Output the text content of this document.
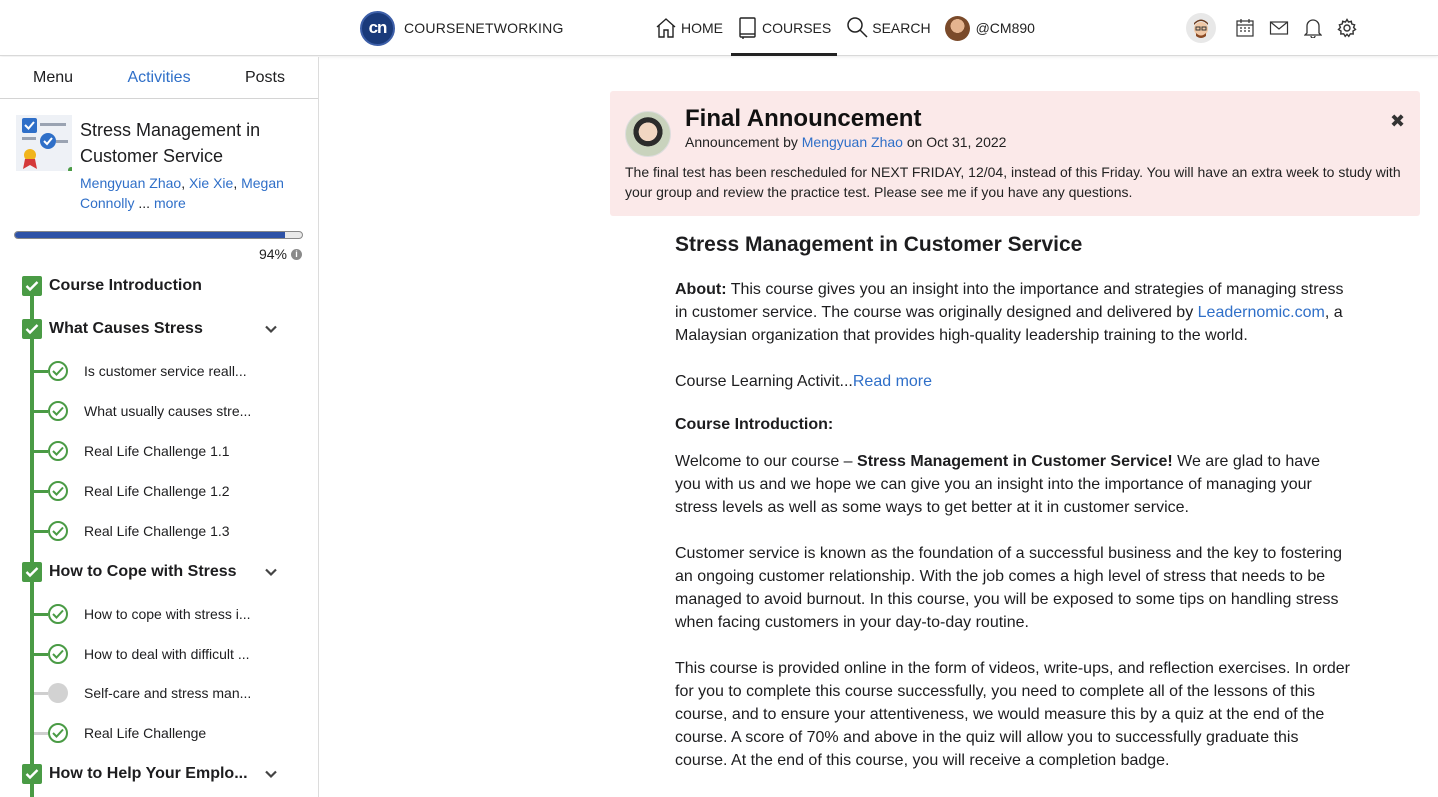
cn	COURSENETWORKING	HOME	COURSES	SEARCH	@CM890
Menu	Activities	Posts
Stress Management in Customer Service
Mengyuan Zhao, Xie Xie, Megan Connolly ... more
94% i
Course Introduction
What Causes Stress
Is customer service reall...
What usually causes stre...
Real Life Challenge 1.1
Real Life Challenge 1.2
Real Life Challenge 1.3
How to Cope with Stress
How to cope with stress i...
How to deal with difficult ...
Self-care and stress man...
Real Life Challenge
How to Help Your Emplo...
Final Announcement
Announcement by Mengyuan Zhao on Oct 31, 2022
The final test has been rescheduled for NEXT FRIDAY, 12/04, instead of this Friday. You will have an extra week to study with your group and review the practice test. Please see me if you have any questions.
✖
Stress Management in Customer Service

About: This course gives you an insight into the importance and strategies of managing stress in customer service. The course was originally designed and delivered by Leadernomic.com, a Malaysian organization that provides high-quality leadership training to the world.

Course Learning Activit...Read more

Course Introduction:

Welcome to our course – Stress Management in Customer Service! We are glad to have you with us and we hope we can give you an insight into the importance of managing your stress levels as well as some ways to get better at it in customer service.

Customer service is known as the foundation of a successful business and the key to fostering an ongoing customer relationship. With the job comes a high level of stress that needs to be managed to avoid burnout. In this course, you will be exposed to some tips on handling stress when facing customers in your day-to-day routine.

This course is provided online in the form of videos, write-ups, and reflection exercises. In order for you to complete this course successfully, you need to complete all of the lessons of this course, and to ensure your attentiveness, we would measure this by a quiz at the end of the course. A score of 70% and above in the quiz will allow you to successfully graduate this course. At the end of this course, you will receive a completion badge.
